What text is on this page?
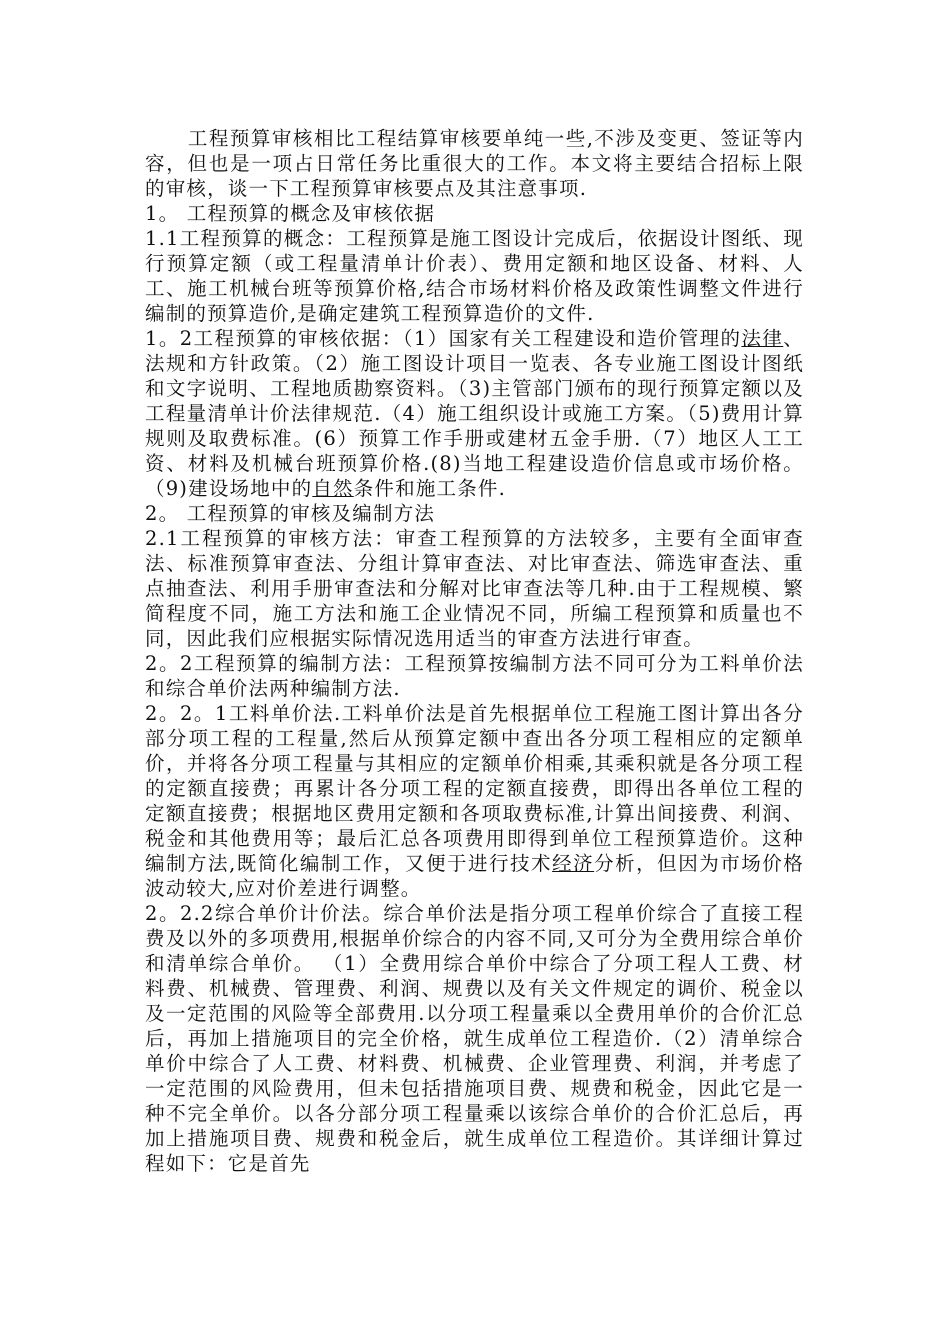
工程预算审核相比工程结算审核要单纯一些,不涉及变更、签证等内容，但也是一项占日常任务比重很大的工作。本文将主要结合招标上限的审核，谈一下工程预算审核要点及其注意事项.

1。 工程预算的概念及审核依据

1.1工程预算的概念：工程预算是施工图设计完成后，依据设计图纸、现行预算定额（或工程量清单计价表）、费用定额和地区设备、材料、人工、施工机械台班等预算价格,结合市场材料价格及政策性调整文件进行编制的预算造价,是确定建筑工程预算造价的文件.

1。2工程预算的审核依据：（1）国家有关工程建设和造价管理的法律、法规和方针政策。（2）施工图设计项目一览表、各专业施工图设计图纸和文字说明、工程地质勘察资料。（3)主管部门颁布的现行预算定额以及工程量清单计价法律规范.（4）施工组织设计或施工方案。（5)费用计算规则及取费标准。(6）预算工作手册或建材五金手册.（7）地区人工工资、材料及机械台班预算价格.(8)当地工程建设造价信息或市场价格。（9)建设场地中的自然条件和施工条件.

2。 工程预算的审核及编制方法

2.1工程预算的审核方法：审查工程预算的方法较多，主要有全面审查法、标准预算审查法、分组计算审查法、对比审查法、筛选审查法、重点抽查法、利用手册审查法和分解对比审查法等几种.由于工程规模、繁简程度不同，施工方法和施工企业情况不同，所编工程预算和质量也不同，因此我们应根据实际情况选用适当的审查方法进行审查。

2。2工程预算的编制方法：工程预算按编制方法不同可分为工料单价法和综合单价法两种编制方法.

2。2。1工料单价法.工料单价法是首先根据单位工程施工图计算出各分部分项工程的工程量,然后从预算定额中查出各分项工程相应的定额单价，并将各分项工程量与其相应的定额单价相乘,其乘积就是各分项工程的定额直接费；再累计各分项工程的定额直接费，即得出各单位工程的定额直接费；根据地区费用定额和各项取费标准,计算出间接费、利润、税金和其他费用等；最后汇总各项费用即得到单位工程预算造价。这种编制方法,既简化编制工作，又便于进行技术经济分析，但因为市场价格波动较大,应对价差进行调整。

2。2.2综合单价计价法。综合单价法是指分项工程单价综合了直接工程费及以外的多项费用,根据单价综合的内容不同,又可分为全费用综合单价和清单综合单价。 （1）全费用综合单价中综合了分项工程人工费、材料费、机械费、管理费、利润、规费以及有关文件规定的调价、税金以及一定范围的风险等全部费用.以分项工程量乘以全费用单价的合价汇总后，再加上措施项目的完全价格，就生成单位工程造价.（2）清单综合单价中综合了人工费、材料费、机械费、企业管理费、利润，并考虑了一定范围的风险费用，但未包括措施项目费、规费和税金，因此它是一种不完全单价。以各分部分项工程量乘以该综合单价的合价汇总后，再加上措施项目费、规费和税金后，就生成单位工程造价。其详细计算过程如下：它是首先
